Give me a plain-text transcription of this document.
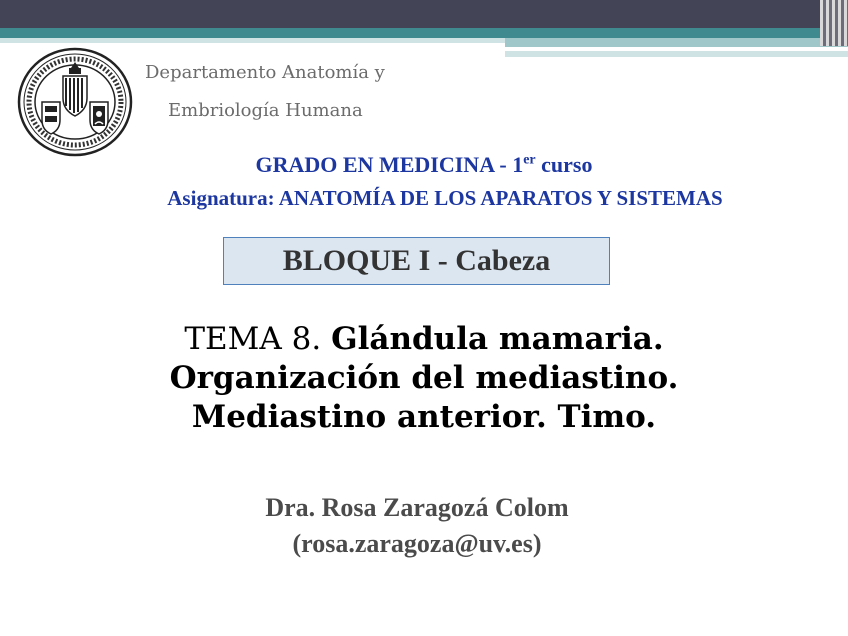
Departamento Anatomía y
Embriología Humana
GRADO EN MEDICINA - 1er curso
Asignatura: ANATOMÍA DE LOS APARATOS Y SISTEMAS
BLOQUE I - Cabeza
TEMA 8. Glándula mamaria.
Organización del mediastino.
Mediastino anterior. Timo.
Dra. Rosa Zaragozá Colom
(rosa.zaragoza@uv.es)
